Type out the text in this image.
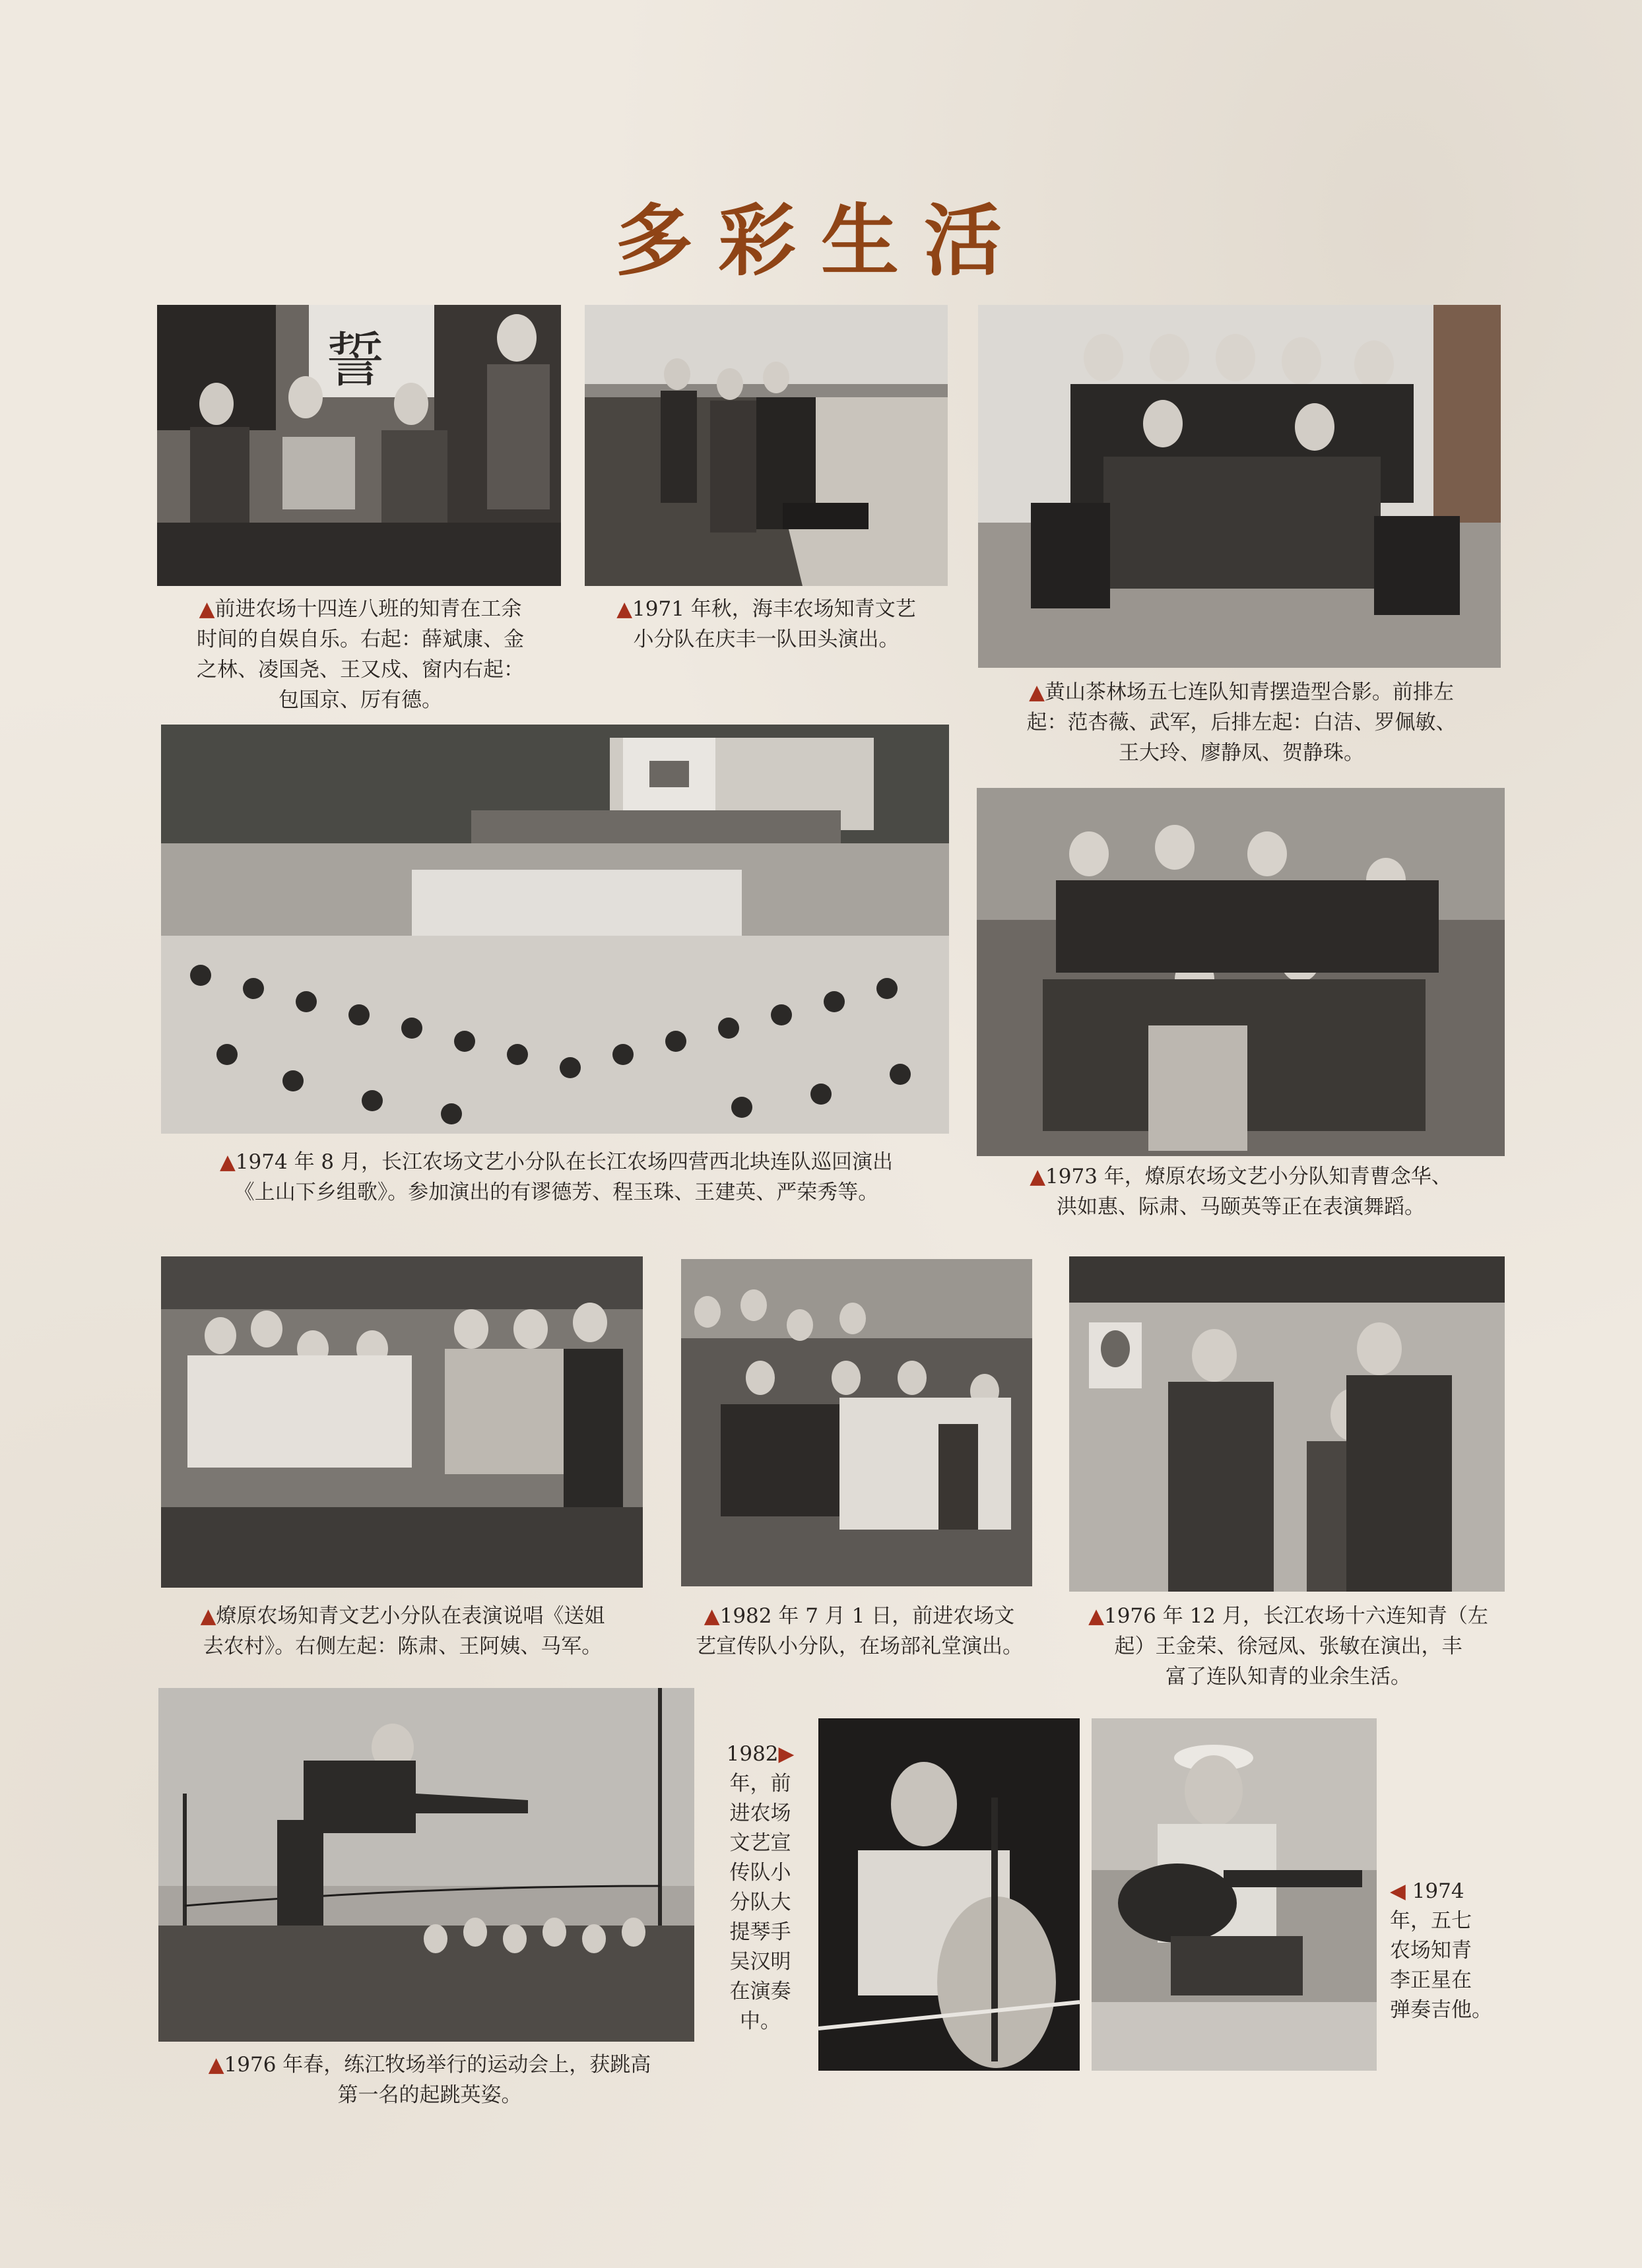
多彩生活
誓
▲前进农场十四连八班的知青在工余
时间的自娱自乐。右起：薛斌康、金
之林、凌国尧、王又戍、窗内右起：
包国京、厉有德。
▲1971 年秋，海丰农场知青文艺
小分队在庆丰一队田头演出。
▲黄山茶林场五七连队知青摆造型合影。前排左
起：范杏薇、武军，后排左起：白洁、罗佩敏、
王大玲、廖静凤、贺静珠。
▲1974 年 8 月，长江农场文艺小分队在长江农场四营西北块连队巡回演出
《上山下乡组歌》。参加演出的有谬德芳、程玉珠、王建英、严荣秀等。
▲1973 年，燎原农场文艺小分队知青曹念华、
洪如惠、际肃、马颐英等正在表演舞蹈。
▲燎原农场知青文艺小分队在表演说唱《送姐
去农村》。右侧左起：陈肃、王阿姨、马军。
▲1982 年 7 月 1 日，前进农场文
艺宣传队小分队，在场部礼堂演出。
▲1976 年 12 月，长江农场十六连知青（左
起）王金荣、徐冠凤、张敏在演出，丰
富了连队知青的业余生活。
▲1976 年春，练江牧场举行的运动会上，获跳高
第一名的起跳英姿。
1982▶
年，前
进农场
文艺宣
传队小
分队大
提琴手
吴汉明
在演奏
中。
◀ 1974
年，五七
农场知青
李正星在
弹奏吉他。
